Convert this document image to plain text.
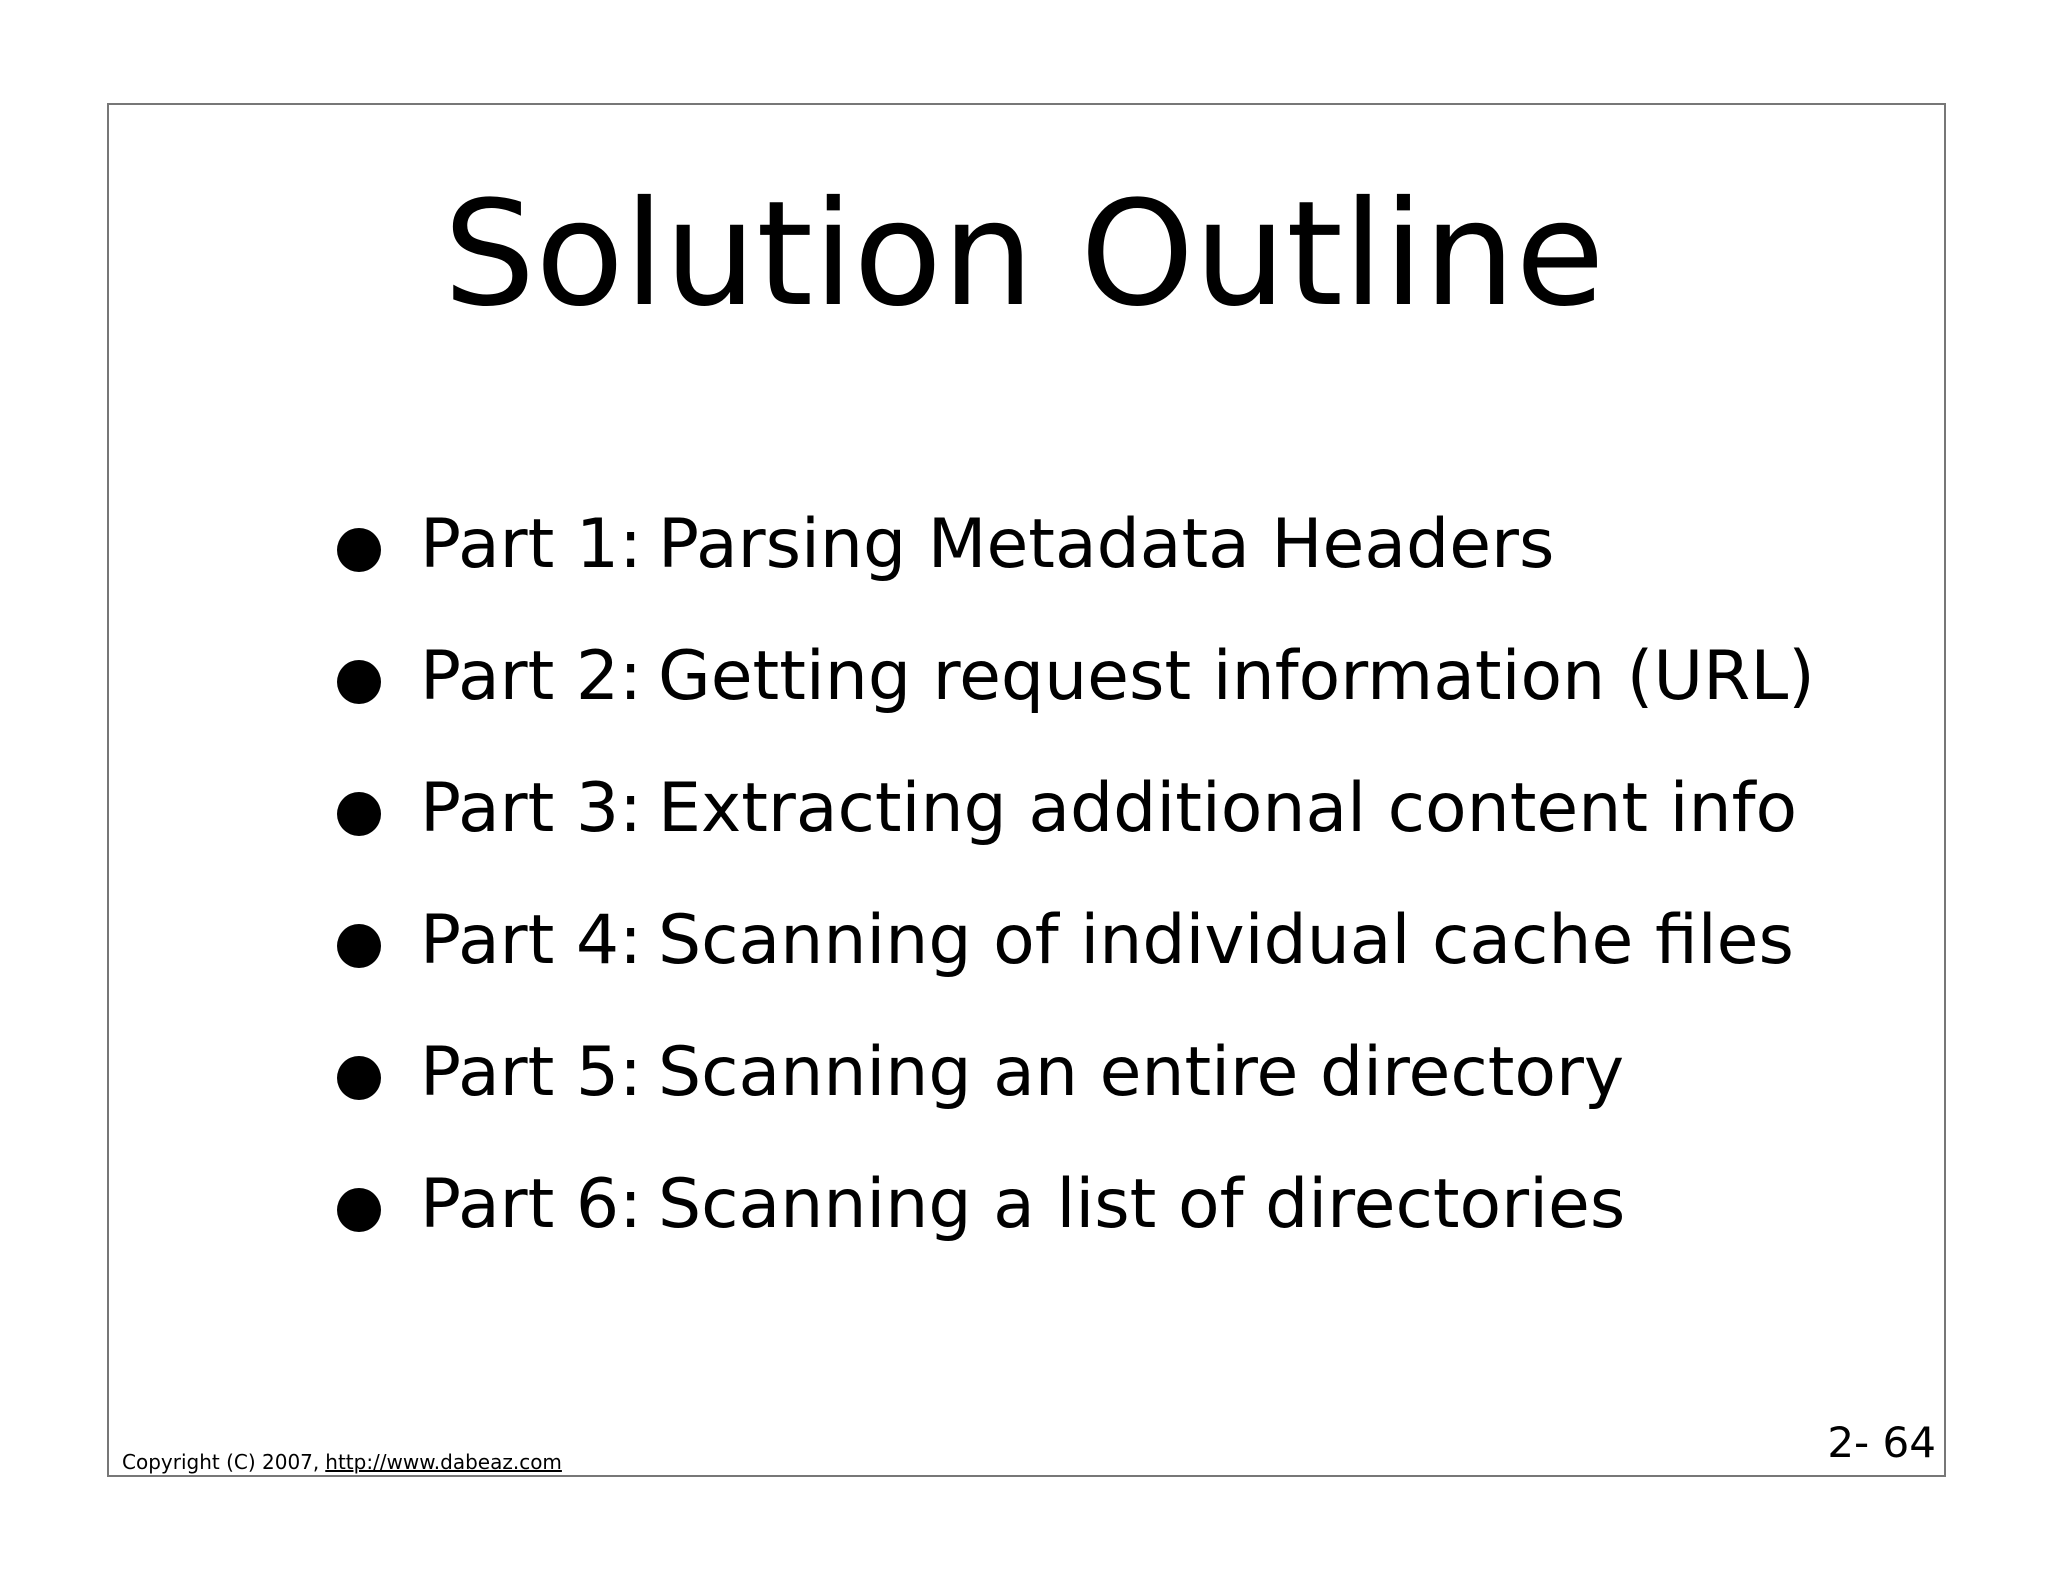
Solution Outline
Part 1: Parsing Metadata Headers
Part 2: Getting request information (URL)
Part 3: Extracting additional content info
Part 4: Scanning of individual cache files
Part 5: Scanning an entire directory
Part 6: Scanning a list of directories
Copyright (C) 2007, http://www.dabeaz.com	2- 64
